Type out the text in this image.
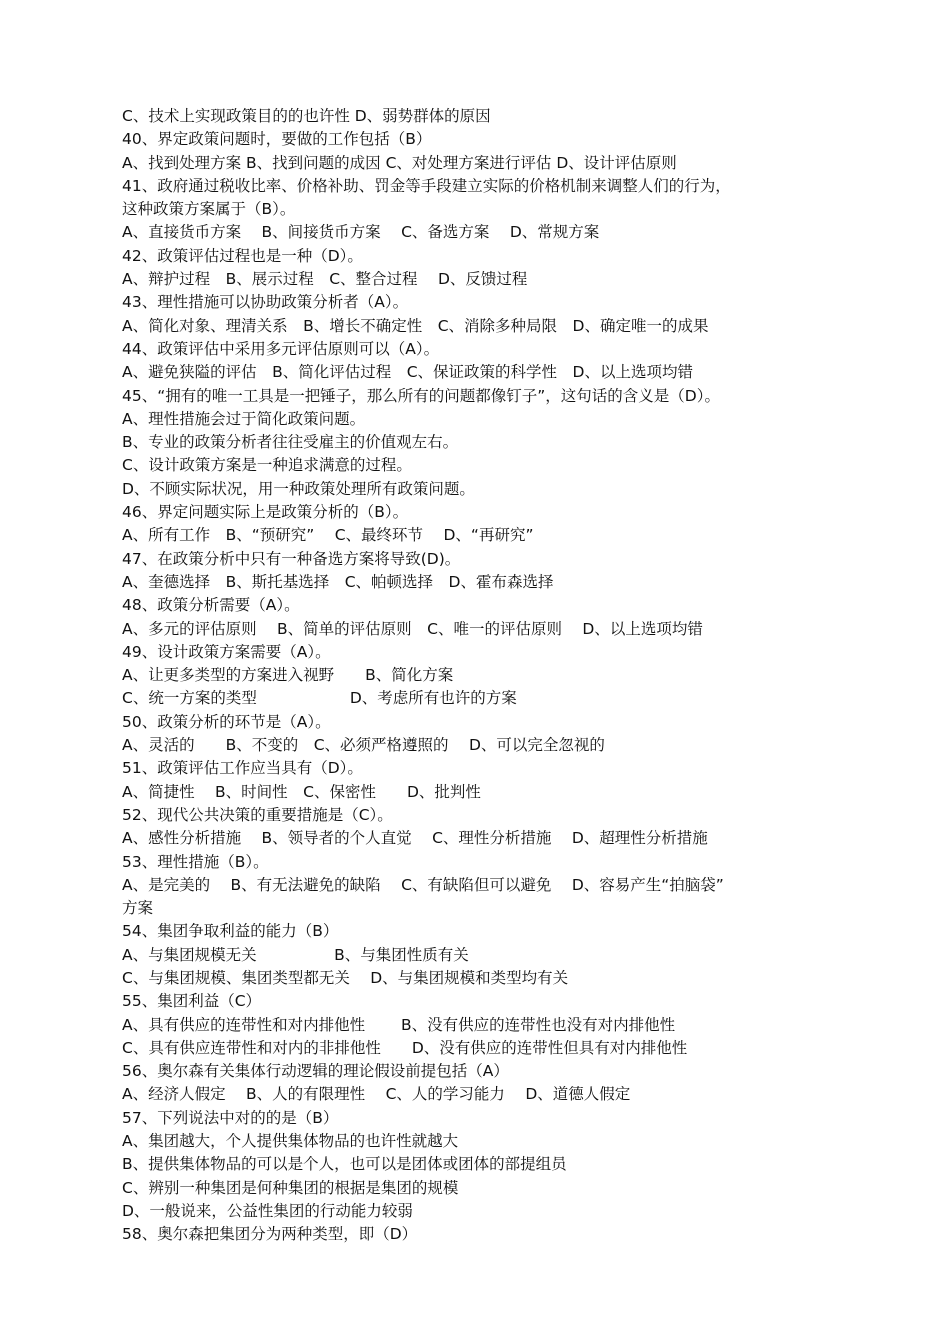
C、技术上实现政策目的的也许性 D、弱势群体的原因
40、界定政策问题时，要做的工作包括（B）
A、找到处理方案 B、找到问题的成因 C、对处理方案进行评估 D、设计评估原则
41、政府通过税收比率、价格补助、罚金等手段建立实际的价格机制来调整人们的行为，
这种政策方案属于（B）。
A、直接货币方案　 B、间接货币方案　 C、备选方案　 D、常规方案
42、政策评估过程也是一种（D）。
A、辩护过程　B、展示过程　C、整合过程　 D、反馈过程
43、理性措施可以协助政策分析者（A）。
A、简化对象、理清关系　B、增长不确定性　C、消除多种局限　D、确定唯一的成果
44、政策评估中采用多元评估原则可以（A）。
A、避免狭隘的评估　B、简化评估过程　C、保证政策的科学性　D、以上选项均错
45、“拥有的唯一工具是一把锤子，那么所有的问题都像钉子”，这句话的含义是（D）。
A、理性措施会过于简化政策问题。
B、专业的政策分析者往往受雇主的价值观左右。
C、设计政策方案是一种追求满意的过程。
D、不顾实际状况，用一种政策处理所有政策问题。
46、界定问题实际上是政策分析的（B）。
A、所有工作　B、“预研究”　 C、最终环节　 D、“再研究”
47、在政策分析中只有一种备选方案将导致(D)。
A、奎德选择　B、斯托基选择　C、帕顿选择　D、霍布森选择
48、政策分析需要（A）。
A、多元的评估原则　 B、简单的评估原则　C、唯一的评估原则　 D、以上选项均错
49、设计政策方案需要（A）。
A、让更多类型的方案进入视野　　B、简化方案
C、统一方案的类型　　　　　　D、考虑所有也许的方案
50、政策分析的环节是（A）。
A、灵活的　　B、不变的　C、必须严格遵照的　 D、可以完全忽视的
51、政策评估工作应当具有（D）。
A、简捷性　 B、时间性　C、保密性　　D、批判性
52、现代公共决策的重要措施是（C）。
A、感性分析措施　 B、领导者的个人直觉　 C、理性分析措施　 D、超理性分析措施
53、理性措施（B）。
A、是完美的　 B、有无法避免的缺陷　 C、有缺陷但可以避免　 D、容易产生“拍脑袋”
方案
54、集团争取利益的能力（B）
A、与集团规模无关　　　　　B、与集团性质有关
C、与集团规模、集团类型都无关　 D、与集团规模和类型均有关
55、集团利益（C）
A、具有供应的连带性和对内排他性　　 B、没有供应的连带性也没有对内排他性
C、具有供应连带性和对内的非排他性　　D、没有供应的连带性但具有对内排他性
56、奥尔森有关集体行动逻辑的理论假设前提包括（A）
A、经济人假定　 B、人的有限理性　 C、人的学习能力　 D、道德人假定
57、下列说法中对的的是（B）
A、集团越大，个人提供集体物品的也许性就越大
B、提供集体物品的可以是个人，也可以是团体或团体的部提组员
C、辨别一种集团是何种集团的根据是集团的规模
D、一般说来，公益性集团的行动能力较弱
58、奥尔森把集团分为两种类型，即（D）
